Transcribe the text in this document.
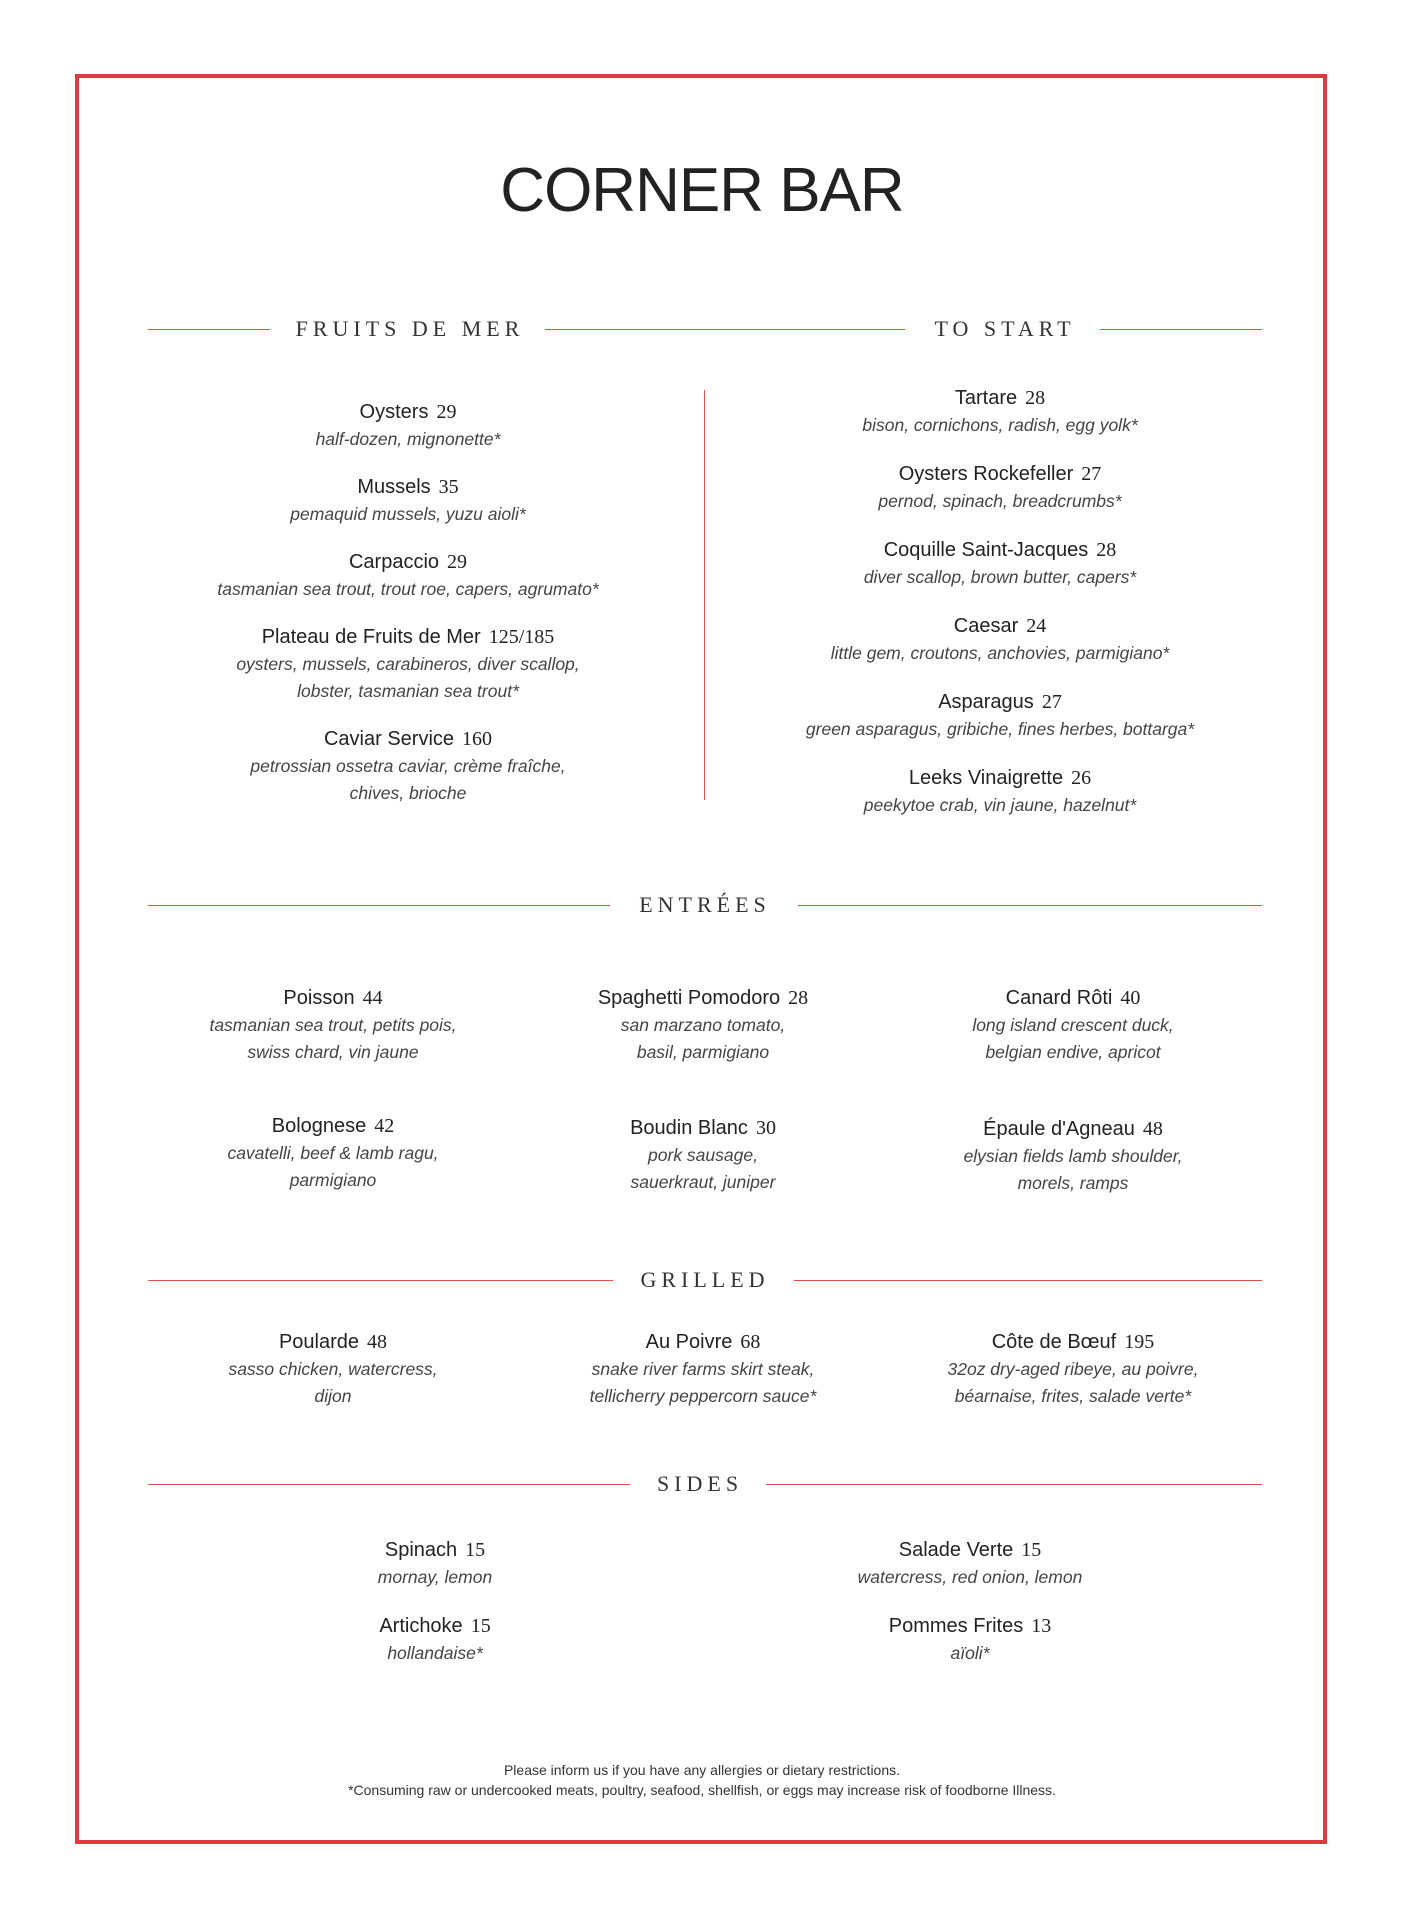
CORNER BAR
FRUITS DE MER	TO START
Oysters 29
half-dozen, mignonette*
Mussels 35
pemaquid mussels, yuzu aioli*
Carpaccio 29
tasmanian sea trout, trout roe, capers, agrumato*
Plateau de Fruits de Mer 125/185
oysters, mussels, carabineros, diver scallop,
lobster, tasmanian sea trout*
Caviar Service 160
petrossian ossetra caviar, crème fraîche,
chives, brioche
Tartare 28
bison, cornichons, radish, egg yolk*
Oysters Rockefeller 27
pernod, spinach, breadcrumbs*
Coquille Saint-Jacques 28
diver scallop, brown butter, capers*
Caesar 24
little gem, croutons, anchovies, parmigiano*
Asparagus 27
green asparagus, gribiche, fines herbes, bottarga*
Leeks Vinaigrette 26
peekytoe crab, vin jaune, hazelnut*
ENTRÉES
Poisson 44
tasmanian sea trout, petits pois,
swiss chard, vin jaune
Spaghetti Pomodoro 28
san marzano tomato,
basil, parmigiano
Canard Rôti 40
long island crescent duck,
belgian endive, apricot
Bolognese 42
cavatelli, beef & lamb ragu,
parmigiano
Boudin Blanc 30
pork sausage,
sauerkraut, juniper
Épaule d'Agneau 48
elysian fields lamb shoulder,
morels, ramps
GRILLED
Poularde 48
sasso chicken, watercress,
dijon
Au Poivre 68
snake river farms skirt steak,
tellicherry peppercorn sauce*
Côte de Bœuf 195
32oz dry-aged ribeye, au poivre,
béarnaise, frites, salade verte*
SIDES
Spinach 15
mornay, lemon
Artichoke 15
hollandaise*
Salade Verte 15
watercress, red onion, lemon
Pommes Frites 13
aïoli*
Please inform us if you have any allergies or dietary restrictions.
*Consuming raw or undercooked meats, poultry, seafood, shellfish, or eggs may increase risk of foodborne Illness.
